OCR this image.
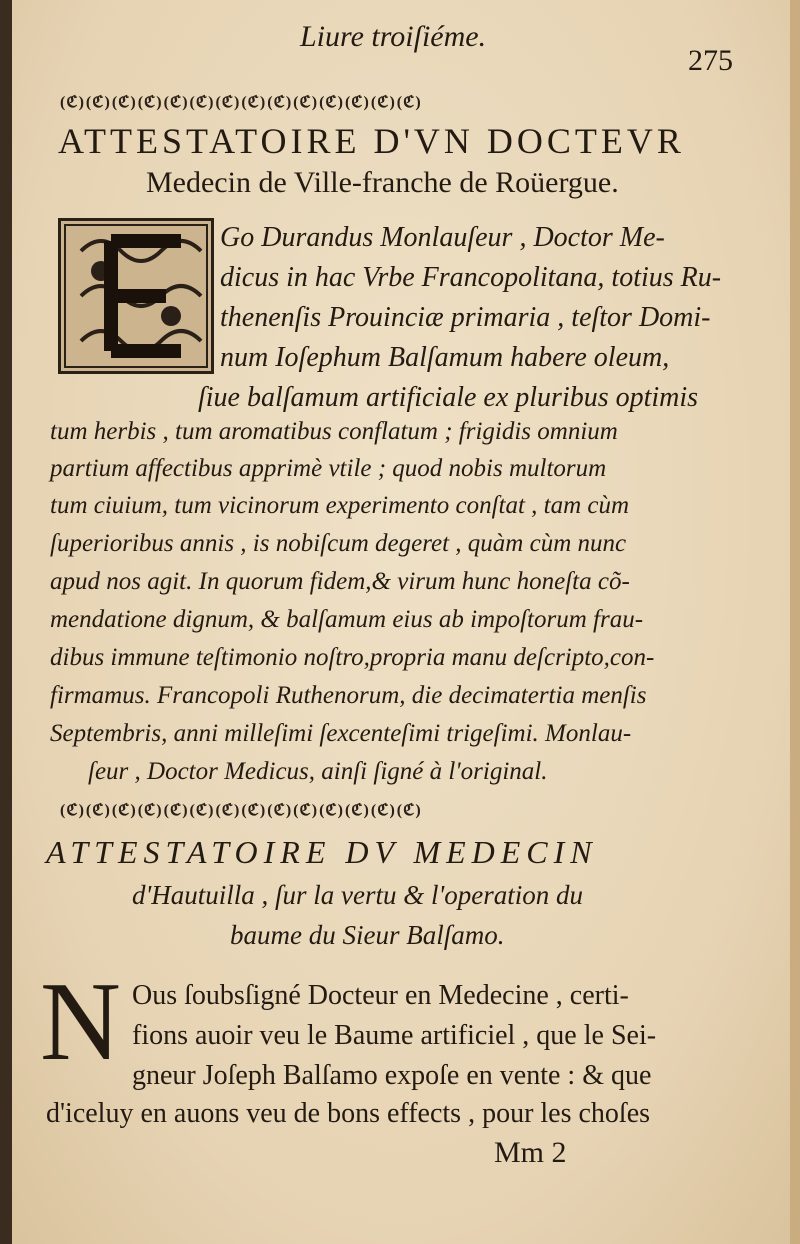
Liure troiſiéme.
275
(ℭ)(ℭ)(ℭ)(ℭ)(ℭ)(ℭ)(ℭ)(ℭ)(ℭ)(ℭ)(ℭ)(ℭ)(ℭ)(ℭ)
ATTESTATOIRE D'VN DOCTEVR
Medecin de Ville-franche de Roüergue.
Go Durandus Monlauſeur , Doctor Me-
dicus in hac Vrbe Francopolitana, totius Ru-
thenenſis Prouinciæ primaria , teſtor Domi-
num Ioſephum Balſamum habere oleum,
ſiue balſamum artificiale ex pluribus optimis
tum herbis , tum aromatibus conflatum ; frigidis omnium
partium affectibus apprimè vtile ; quod nobis multorum
tum ciuium, tum vicinorum experimento conſtat , tam cùm
ſuperioribus annis , is nobiſcum degeret , quàm cùm nunc
apud nos agit. In quorum fidem,& virum hunc honeſta cõ-
mendatione dignum, & balſamum eius ab impoſtorum frau-
dibus immune teſtimonio noſtro,propria manu deſcripto,con-
firmamus. Francopoli Ruthenorum, die decimatertia menſis
Septembris, anni milleſimi ſexcenteſimi trigeſimi. Monlau-
ſeur , Doctor Medicus, ainſi ſigné à l'original.
(ℭ)(ℭ)(ℭ)(ℭ)(ℭ)(ℭ)(ℭ)(ℭ)(ℭ)(ℭ)(ℭ)(ℭ)(ℭ)(ℭ)
ATTESTATOIRE DV MEDECIN
d'Hautuilla , ſur la vertu & l'operation du
baume du Sieur Balſamo.
N Ous ſoubsſigné Docteur en Medecine , certi-
fions auoir veu le Baume artificiel , que le Sei-
gneur Joſeph Balſamo expoſe en vente : & que
d'iceluy en auons veu de bons effects , pour les choſes
Mm 2
